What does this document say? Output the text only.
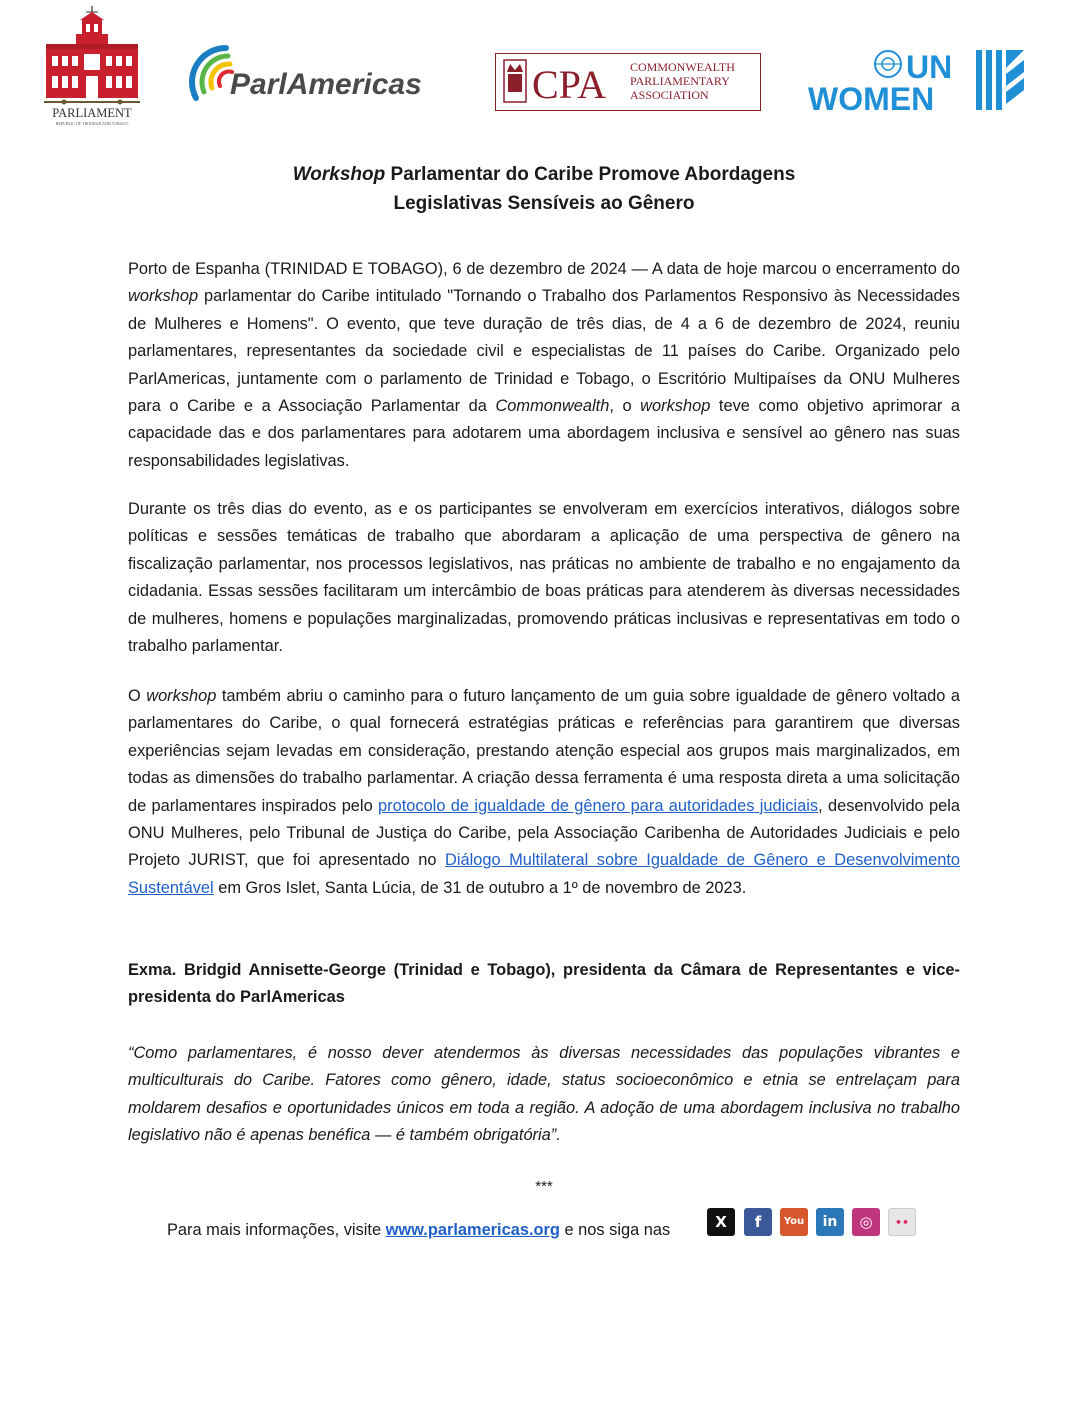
PARLIAMENT
REPUBLIC OF TRINIDAD AND TOBAGO
ParlAmericas	CPA COMMONWEALTH
PARLIAMENTARY
ASSOCIATION
UN
WOMEN
Workshop Parlamentar do Caribe Promove Abordagens
Legislativas Sensíveis ao Gênero

Porto de Espanha (TRINIDAD E TOBAGO), 6 de dezembro de 2024 — A data de hoje marcou o encerramento do workshop parlamentar do Caribe intitulado "Tornando o Trabalho dos Parlamentos Responsivo às Necessidades de Mulheres e Homens". O evento, que teve duração de três dias, de 4 a 6 de dezembro de 2024, reuniu parlamentares, representantes da sociedade civil e especialistas de 11 países do Caribe. Organizado pelo ParlAmericas, juntamente com o parlamento de Trinidad e Tobago, o Escritório Multipaíses da ONU Mulheres para o Caribe e a Associação Parlamentar da Commonwealth, o workshop teve como objetivo aprimorar a capacidade das e dos parlamentares para adotarem uma abordagem inclusiva e sensível ao gênero nas suas responsabilidades legislativas.

Durante os três dias do evento, as e os participantes se envolveram em exercícios interativos, diálogos sobre políticas e sessões temáticas de trabalho que abordaram a aplicação de uma perspectiva de gênero na fiscalização parlamentar, nos processos legislativos, nas práticas no ambiente de trabalho e no engajamento da cidadania. Essas sessões facilitaram um intercâmbio de boas práticas para atenderem às diversas necessidades de mulheres, homens e populações marginalizadas, promovendo práticas inclusivas e representativas em todo o trabalho parlamentar.

O workshop também abriu o caminho para o futuro lançamento de um guia sobre igualdade de gênero voltado a parlamentares do Caribe, o qual fornecerá estratégias práticas e referências para garantirem que diversas experiências sejam levadas em consideração, prestando atenção especial aos grupos mais marginalizados, em todas as dimensões do trabalho parlamentar. A criação dessa ferramenta é uma resposta direta a uma solicitação de parlamentares inspirados pelo protocolo de igualdade de gênero para autoridades judiciais, desenvolvido pela ONU Mulheres, pelo Tribunal de Justiça do Caribe, pela Associação Caribenha de Autoridades Judiciais e pelo Projeto JURIST, que foi apresentado no Diálogo Multilateral sobre Igualdade de Gênero e Desenvolvimento Sustentável em Gros Islet, Santa Lúcia, de 31 de outubro a 1º de novembro de 2023.

Exma. Bridgid Annisette-George (Trinidad e Tobago), presidenta da Câmara de Representantes e vice-presidenta do ParlAmericas

“Como parlamentares, é nosso dever atendermos às diversas necessidades das populações vibrantes e multiculturais do Caribe. Fatores como gênero, idade, status socioeconômico e etnia se entrelaçam para moldarem desafios e oportunidades únicos em toda a região. A adoção de uma abordagem inclusiva no trabalho legislativo não é apenas benéfica — é também obrigatória”.

***
Para mais informações, visite www.parlamericas.org e nos siga nas	X	f	You	in	◎	••
